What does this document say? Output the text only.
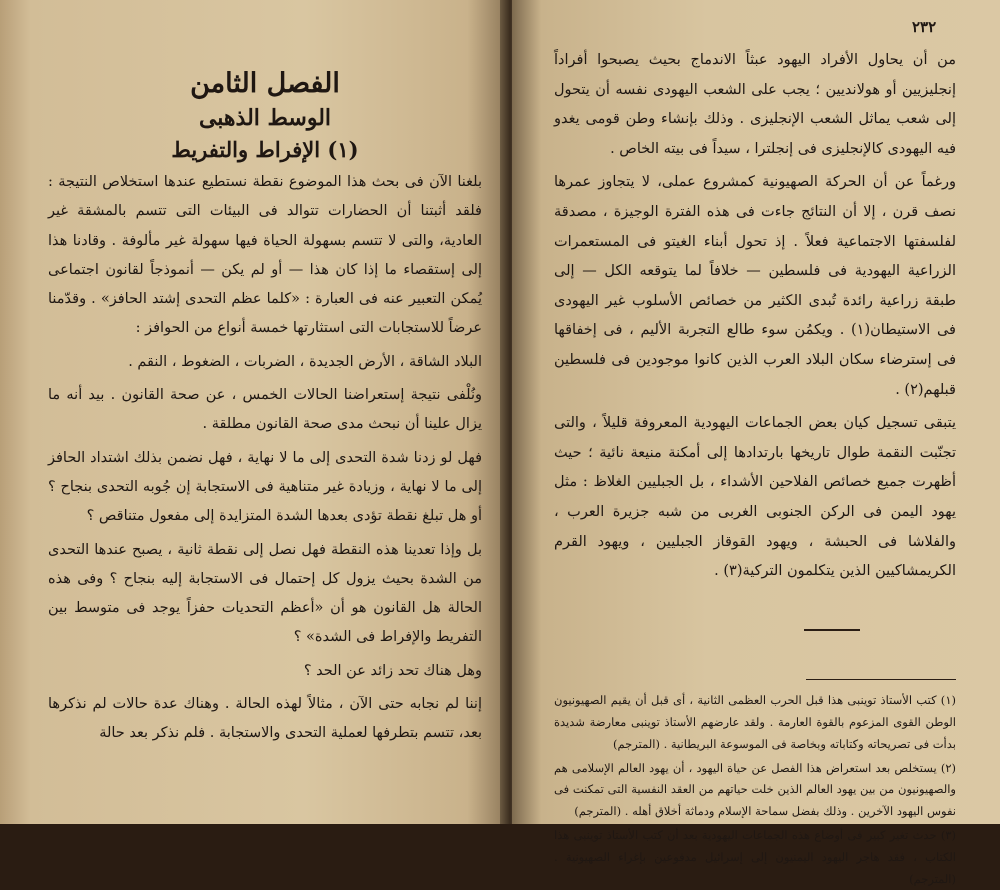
الفصل الثامن
الوسط الذهبى
(١) الإفراط والتفريط

بلغنا الآن فى بحث هذا الموضوع نقطة نستطيع عندها استخلاص النتيجة : فلقد أثبتنا أن الحضارات تتوالد فى البيئات التى تتسم بالمشقة غير العادية، والتى لا تتسم بسهولة الحياة فيها سهولة غير مألوفة . وقادنا هذا إلى إستقصاء ما إذا كان هذا — أو لم يكن — أنموذجاً لقانون اجتماعى يُمكن التعبير عنه فى العبارة : «كلما عظم التحدى إشتد الحافز» . وقدّمنا عرضاً للاستجابات التى استثارتها خمسة أنواع من الحوافز :

البلاد الشاقة ، الأرض الجديدة ، الضربات ، الضغوط ، النقم .

ونُلْفى نتيجة إستعراضنا الحالات الخمس ، عن صحة القانون . بيد أنه ما يزال علينا أن نبحث مدى صحة القانون مطلقة .

فهل لو زدنا شدة التحدى إلى ما لا نهاية ، فهل نضمن بذلك اشتداد الحافز إلى ما لا نهاية ، وزيادة غير متناهية فى الاستجابة إن جُوبه التحدى بنجاح ؟ أو هل تبلغ نقطة تؤدى بعدها الشدة المتزايدة إلى مفعول متناقص ؟

بل وإذا تعدينا هذه النقطة فهل نصل إلى نقطة ثانية ، يصبح عندها التحدى من الشدة بحيث يزول كل إحتمال فى الاستجابة إليه بنجاح ؟ وفى هذه الحالة هل القانون هو أن «أعظم التحديات حفزاً يوجد فى متوسط بين التفريط والإفراط فى الشدة» ؟

وهل هناك تحد زائد عن الحد ؟

إننا لم نجابه حتى الآن ، مثالاً لهذه الحالة . وهناك عدة حالات لم نذكرها بعد، تتسم بتطرفها لعملية التحدى والاستجابة . فلم نذكر بعد حالة

٢٣٢

من أن يحاول الأفراد اليهود عبثاً الاندماج بحيث يصبحوا أفراداً إنجليزيين أو هولانديين ؛ يجب على الشعب اليهودى نفسه أن يتحول إلى شعب يماثل الشعب الإنجليزى . وذلك بإنشاء وطن قومى يغدو فيه اليهودى كالإنجليزى فى إنجلترا ، سيداً فى بيته الخاص .

ورغماً عن أن الحركة الصهيونية كمشروع عملى، لا يتجاوز عمرها نصف قرن ، إلا أن النتائج جاءت فى هذه الفترة الوجيزة ، مصدقة لفلسفتها الاجتماعية فعلاً . إذ تحول أبناء الغيتو فى المستعمرات الزراعية اليهودية فى فلسطين — خلافاً لما يتوقعه الكل — إلى طبقة زراعية رائدة تُبدى الكثير من خصائص الأسلوب غير اليهودى فى الاستيطان(١) . ويكمُن سوء طالع التجربة الأليم ، فى إخفاقها فى إسترضاء سكان البلاد العرب الذين كانوا موجودين فى فلسطين قبلهم(٢) .

يتبقى تسجيل كيان بعض الجماعات اليهودية المعروفة قليلاً ، والتى تجنّبت النقمة طوال تاريخها بارتدادها إلى أمكنة منيعة نائية ؛ حيث أظهرت جميع خصائص الفلاحين الأشداء ، بل الجبليين الغلاظ : مثل يهود اليمن فى الركن الجنوبى الغربى من شبه جزيرة العرب ، والفلاشا فى الحبشة ، ويهود القوقاز الجبليين ، ويهود القرم الكريمشاكيين الذين يتكلمون التركية(٣) .

(١) كتب الأستاذ توينبى هذا قبل الحرب العظمى الثانية ، أى قبل أن يقيم الصهيونيون الوطن القوى المزعوم بالقوة العارمة . ولقد عارضهم الأستاذ توينبى معارضة شديدة بدأت فى تصريحاته وكتاباته وبخاصة فى الموسوعة البريطانية . (المترجم)

(٢) يستخلص بعد استعراض هذا الفصل عن حياة اليهود ، أن يهود العالم الإسلامى هم والصهيونيون من بين يهود العالم الذين خلت حياتهم من العقد النفسية التى تمكنت فى نفوس اليهود الآخرين . وذلك بفضل سماحة الإسلام ودماثة أخلاق أهله . (المترجم)

(٣) حدث تغير كبير فى أوضاع هذه الجماعات اليهودية بعد أن كتب الأستاذ توينبى هذا الكتاب ، فقد هاجر اليهود اليمنيون إلى إسرائيل مدفوعين بإغراء الصهيونية . (المترجم)
